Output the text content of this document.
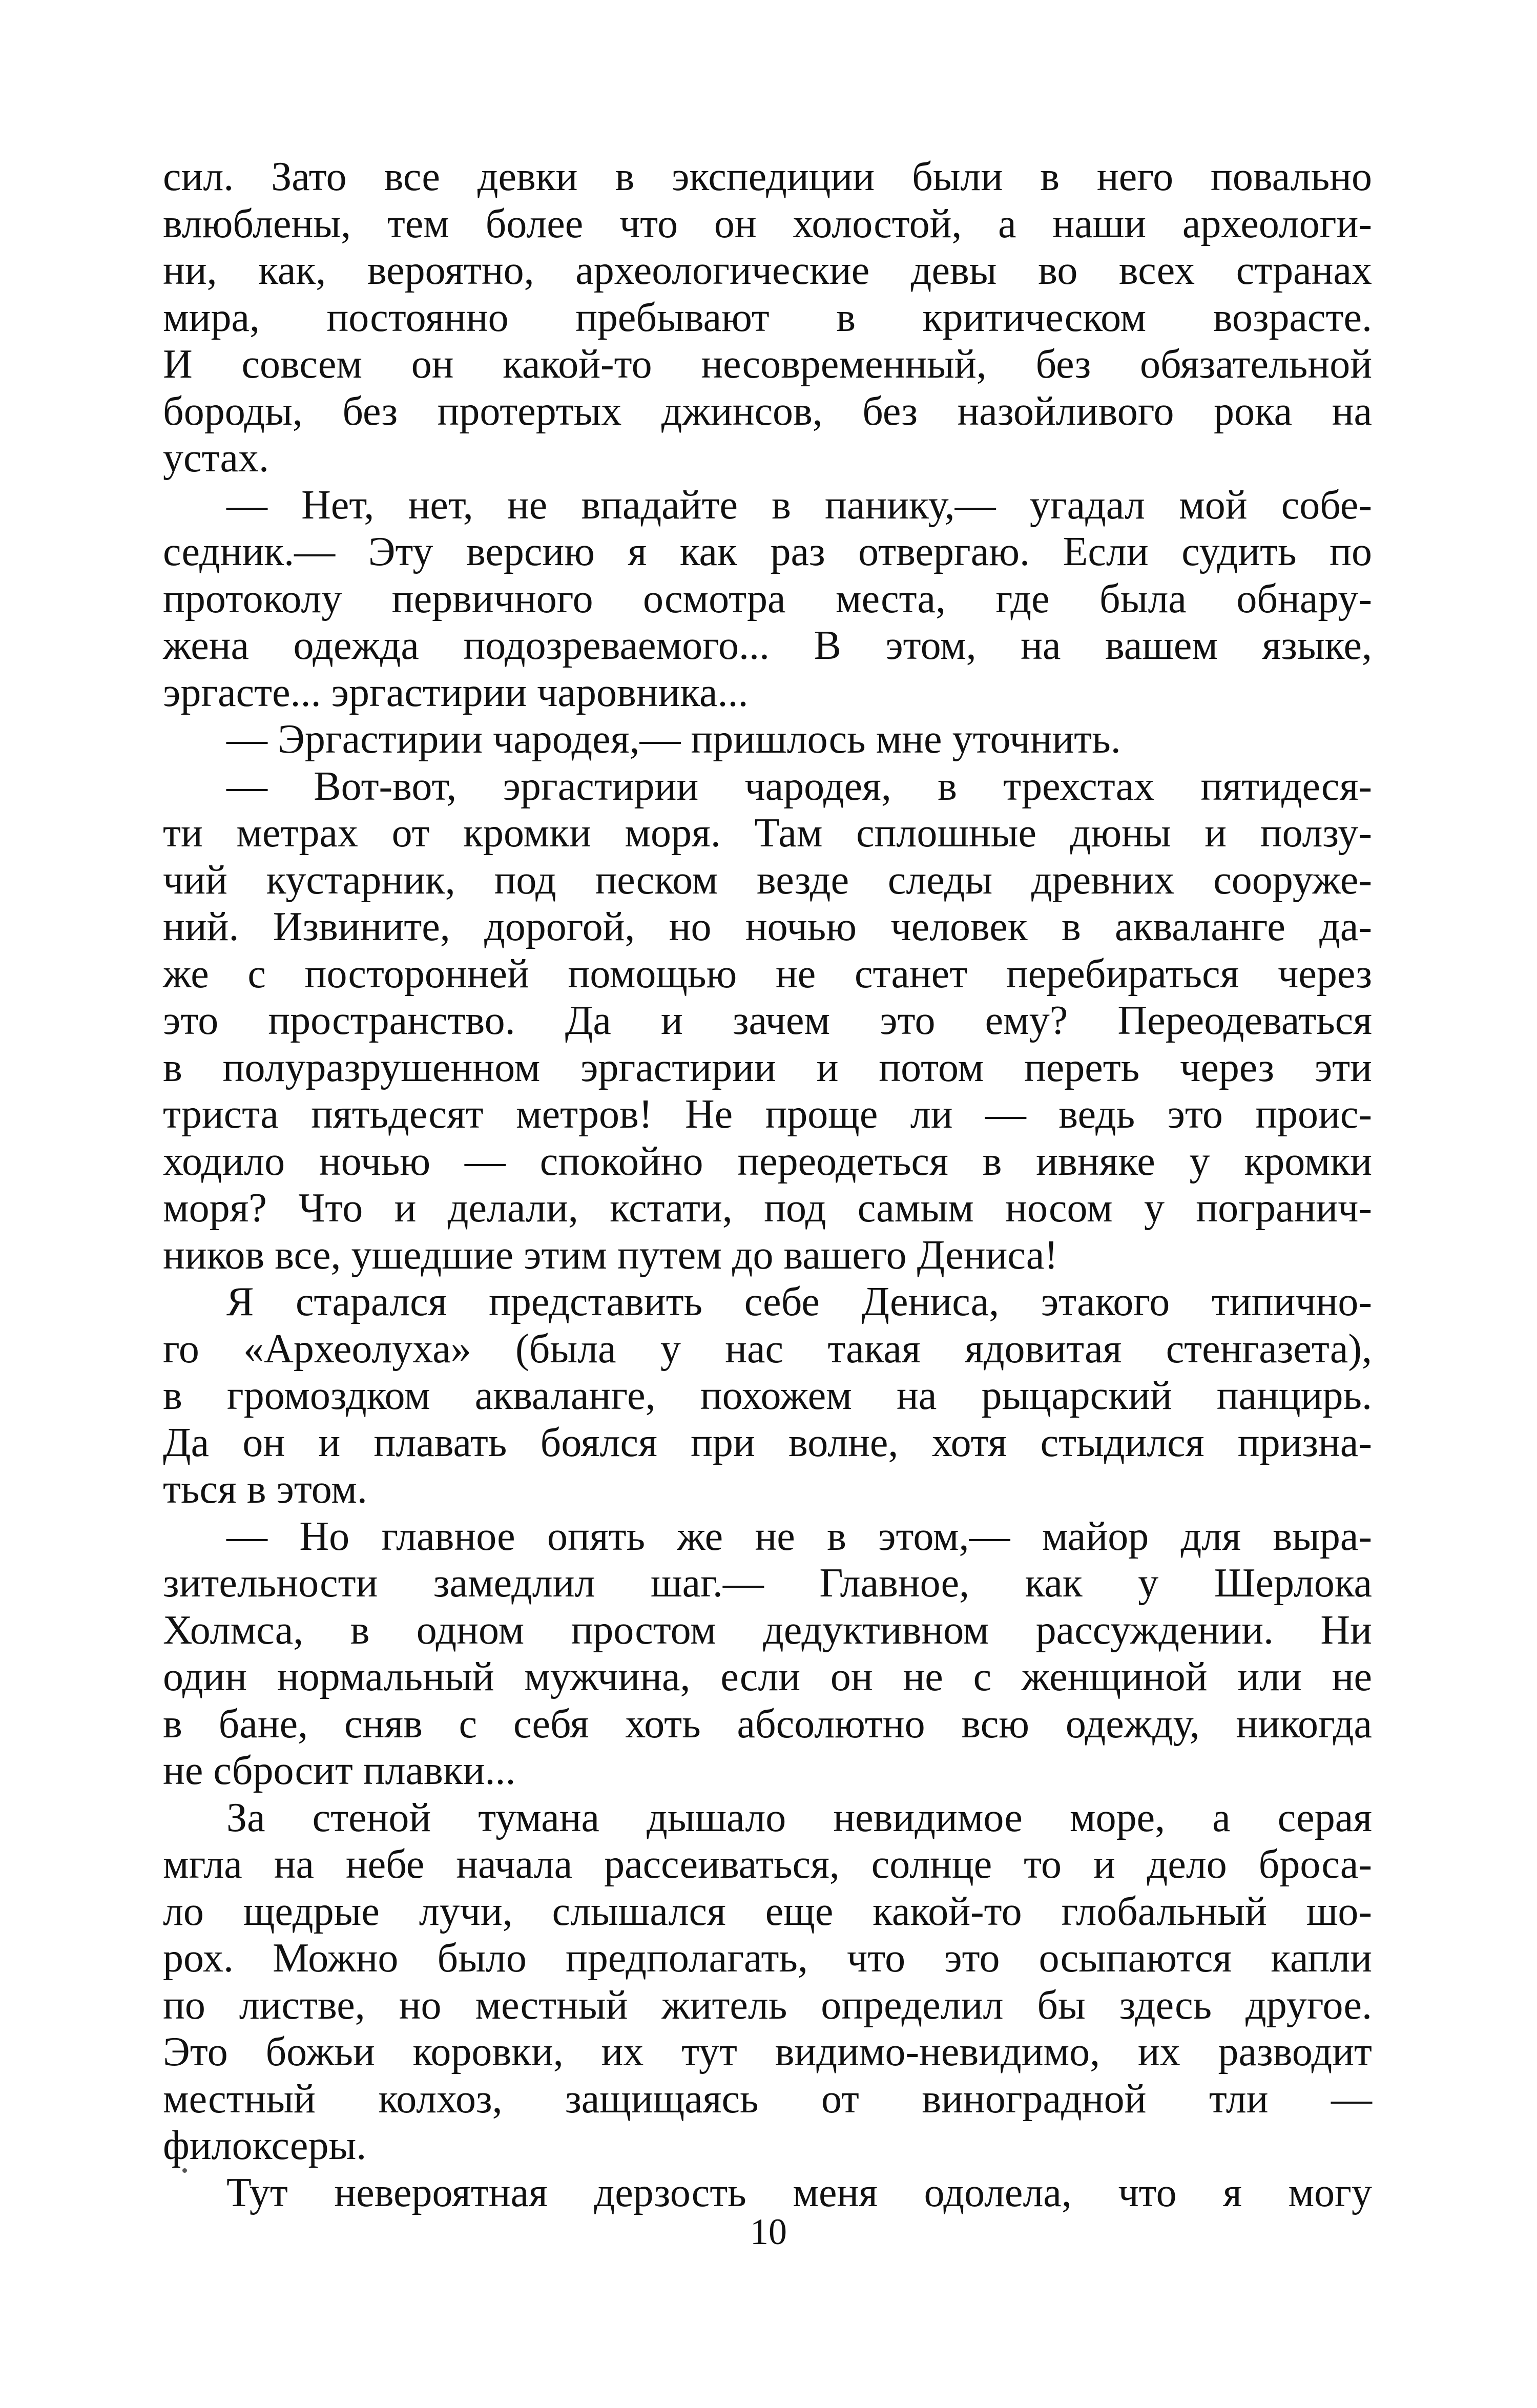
сил. Зато все девки в экспедиции были в него повально
влюблены, тем более что он холостой, а наши археологи-
ни, как, вероятно, археологические девы во всех странах
мира, постоянно пребывают в критическом возрасте.
И совсем он какой-то несовременный, без обязательной
бороды, без протертых джинсов, без назойливого рока на
устах.
— Нет, нет, не впадайте в панику,— угадал мой собе-
седник.— Эту версию я как раз отвергаю. Если судить по
протоколу первичного осмотра места, где была обнару-
жена одежда подозреваемого... В этом, на вашем языке,
эргасте... эргастирии чаровника...
— Эргастирии чародея,— пришлось мне уточнить.
— Вот-вот, эргастирии чародея, в трехстах пятидеся-
ти метрах от кромки моря. Там сплошные дюны и ползу-
чий кустарник, под песком везде следы древних сооруже-
ний. Извините, дорогой, но ночью человек в акваланге да-
же с посторонней помощью не станет перебираться через
это пространство. Да и зачем это ему? Переодеваться
в полуразрушенном эргастирии и потом переть через эти
триста пятьдесят метров! Не проще ли — ведь это проис-
ходило ночью — спокойно переодеться в ивняке у кромки
моря? Что и делали, кстати, под самым носом у погранич-
ников все, ушедшие этим путем до вашего Дениса!
Я старался представить себе Дениса, этакого типично-
го «Археолуха» (была у нас такая ядовитая стенгазета),
в громоздком акваланге, похожем на рыцарский панцирь.
Да он и плавать боялся при волне, хотя стыдился призна-
ться в этом.
— Но главное опять же не в этом,— майор для выра-
зительности замедлил шаг.— Главное, как у Шерлока
Холмса, в одном простом дедуктивном рассуждении. Ни
один нормальный мужчина, если он не с женщиной или не
в бане, сняв с себя хоть абсолютно всю одежду, никогда
не сбросит плавки...
За стеной тумана дышало невидимое море, а серая
мгла на небе начала рассеиваться, солнце то и дело броса-
ло щедрые лучи, слышался еще какой-то глобальный шо-
рох. Можно было предполагать, что это осыпаются капли
по листве, но местный житель определил бы здесь другое.
Это божьи коровки, их тут видимо-невидимо, их разводит
местный колхоз, защищаясь от виноградной тли —
филоксеры.
Тут невероятная дерзость меня одолела, что я могу
10
